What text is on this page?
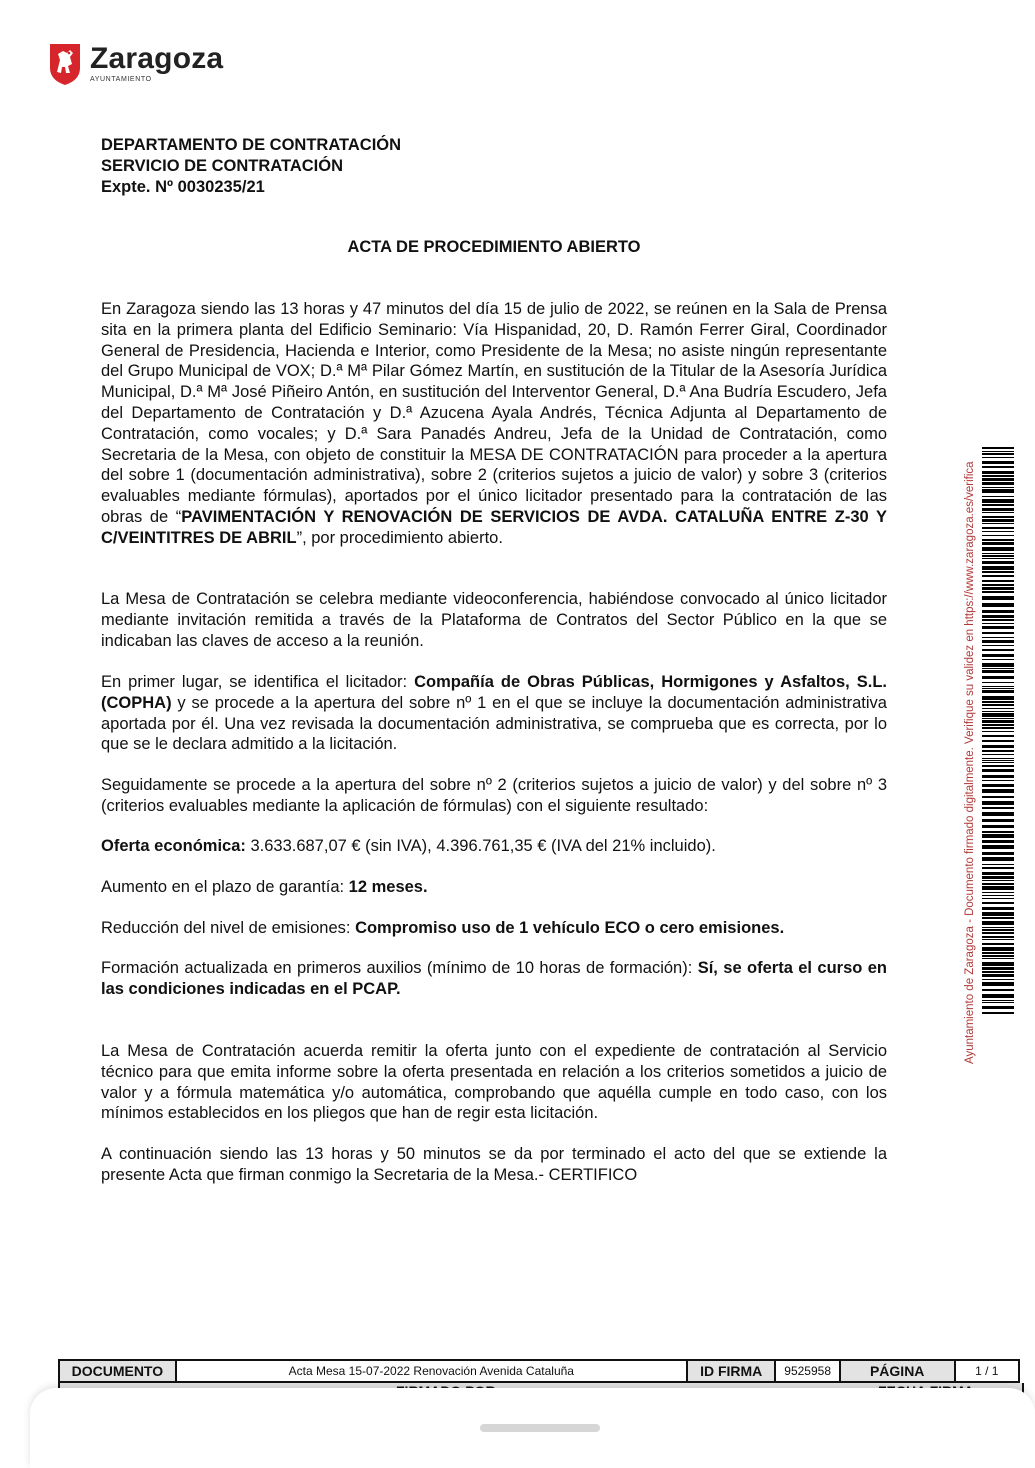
Zaragoza
AYUNTAMIENTO
DEPARTAMENTO DE CONTRATACIÓN
SERVICIO DE CONTRATACIÓN
Expte. Nº 0030235/21
ACTA DE PROCEDIMIENTO ABIERTO

En Zaragoza siendo las 13 horas y 47 minutos del día 15 de julio de 2022, se reúnen en la Sala de Prensa sita en la primera planta del Edificio Seminario: Vía Hispanidad, 20, D. Ramón Ferrer Giral, Coordinador General de Presidencia, Hacienda e Interior, como Presidente de la Mesa; no asiste ningún representante del Grupo Municipal de VOX; D.ª Mª Pilar Gómez Martín, en sustitución de la Titular de la Asesoría Jurídica Municipal, D.ª Mª José Piñeiro Antón, en sustitución del Interventor General, D.ª Ana Budría Escudero, Jefa del Departamento de Contratación y D.ª Azucena Ayala Andrés, Técnica Adjunta al Departamento de Contratación, como vocales; y D.ª Sara Panadés Andreu, Jefa de la Unidad de Contratación, como Secretaria de la Mesa, con objeto de constituir la MESA DE CONTRATACIÓN para proceder a la apertura del sobre 1 (documentación administrativa), sobre 2 (criterios sujetos a juicio de valor) y sobre 3 (criterios evaluables mediante fórmulas), aportados por el único licitador presentado para la contratación de las obras de “PAVIMENTACIÓN Y RENOVACIÓN DE SERVICIOS DE AVDA. CATALUÑA ENTRE Z-30 Y C/VEINTITRES DE ABRIL”, por procedimiento abierto.

La Mesa de Contratación se celebra mediante videoconferencia, habiéndose convocado al único licitador mediante invitación remitida a través de la Plataforma de Contratos del Sector Público en la que se indicaban las claves de acceso a la reunión.

En primer lugar, se identifica el licitador: Compañía de Obras Públicas, Hormigones y Asfaltos, S.L. (COPHA) y se procede a la apertura del sobre nº 1 en el que se incluye la documentación administrativa aportada por él. Una vez revisada la documentación administrativa, se comprueba que es correcta, por lo que se le declara admitido a la licitación.

Seguidamente se procede a la apertura del sobre nº 2 (criterios sujetos a juicio de valor) y del sobre nº 3 (criterios evaluables mediante la aplicación de fórmulas) con el siguiente resultado:

Oferta económica: 3.633.687,07 € (sin IVA), 4.396.761,35 € (IVA del 21% incluido).

Aumento en el plazo de garantía: 12 meses.

Reducción del nivel de emisiones: Compromiso uso de 1 vehículo ECO o cero emisiones.

Formación actualizada en primeros auxilios (mínimo de 10 horas de formación): Sí, se oferta el curso en las condiciones indicadas en el PCAP.

La Mesa de Contratación acuerda remitir la oferta junto con el expediente de contratación al Servicio técnico para que emita informe sobre la oferta presentada en relación a los criterios sometidos a juicio de valor y a fórmula matemática y/o automática, comprobando que aquélla cumple en todo caso, con los mínimos establecidos en los pliegos que han de regir esta licitación.

A continuación siendo las 13 horas y 50 minutos se da por terminado el acto del que se extiende la presente Acta que firman conmigo la Secretaria de la Mesa.- CERTIFICO

Ayuntamiento de Zaragoza - Documento firmado digitalmente. Verifique su validez en https://www.zaragoza.es/verifica
DOCUMENTO	Acta Mesa 15-07-2022 Renovación Avenida Cataluña	ID FIRMA	9525958	PÁGINA	1 / 1
